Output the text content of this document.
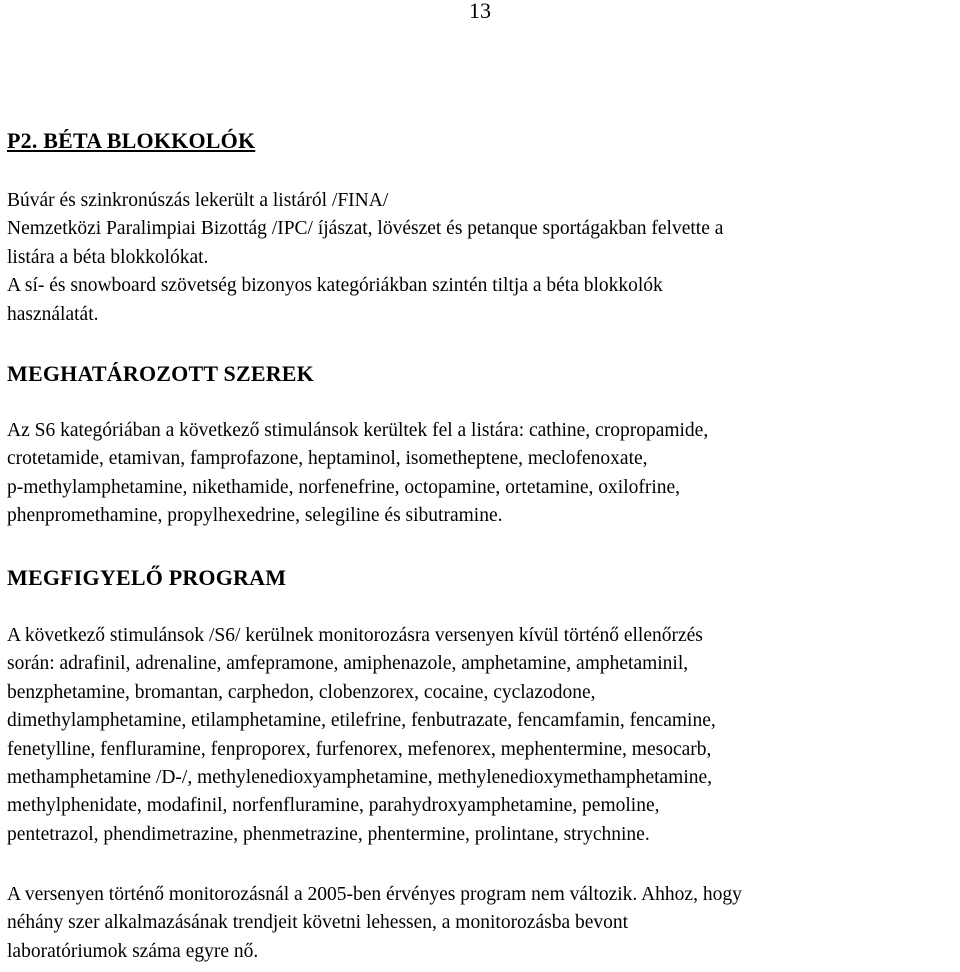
13
P2. BÉTA BLOKKOLÓK
Búvár és szinkronúszás lekerült a listáról /FINA/
Nemzetközi Paralimpiai Bizottág /IPC/ íjászat, lövészet és petanque sportágakban felvette a
listára a béta blokkolókat.
A sí- és snowboard szövetség bizonyos kategóriákban szintén tiltja a béta blokkolók
használatát.
MEGHATÁROZOTT SZEREK
Az S6 kategóriában a következő stimulánsok kerültek fel a listára: cathine, cropropamide,
crotetamide, etamivan, famprofazone, heptaminol, isometheptene, meclofenoxate,
p-methylamphetamine, nikethamide, norfenefrine, octopamine, ortetamine, oxilofrine,
phenpromethamine, propylhexedrine, selegiline és sibutramine.
MEGFIGYELŐ PROGRAM
A következő stimulánsok /S6/ kerülnek monitorozásra versenyen kívül történő ellenőrzés
során: adrafinil, adrenaline, amfepramone, amiphenazole, amphetamine, amphetaminil,
benzphetamine, bromantan, carphedon, clobenzorex, cocaine, cyclazodone,
dimethylamphetamine, etilamphetamine, etilefrine, fenbutrazate, fencamfamin, fencamine,
fenetylline, fenfluramine, fenproporex, furfenorex, mefenorex, mephentermine, mesocarb,
methamphetamine /D-/, methylenedioxyamphetamine, methylenedioxymethamphetamine,
methylphenidate, modafinil, norfenfluramine, parahydroxyamphetamine, pemoline,
pentetrazol, phendimetrazine, phenmetrazine, phentermine, prolintane, strychnine.
A versenyen történő monitorozásnál a 2005-ben érvényes program nem változik. Ahhoz, hogy
néhány szer alkalmazásának trendjeit követni lehessen, a monitorozásba bevont
laboratóriumok száma egyre nő.
